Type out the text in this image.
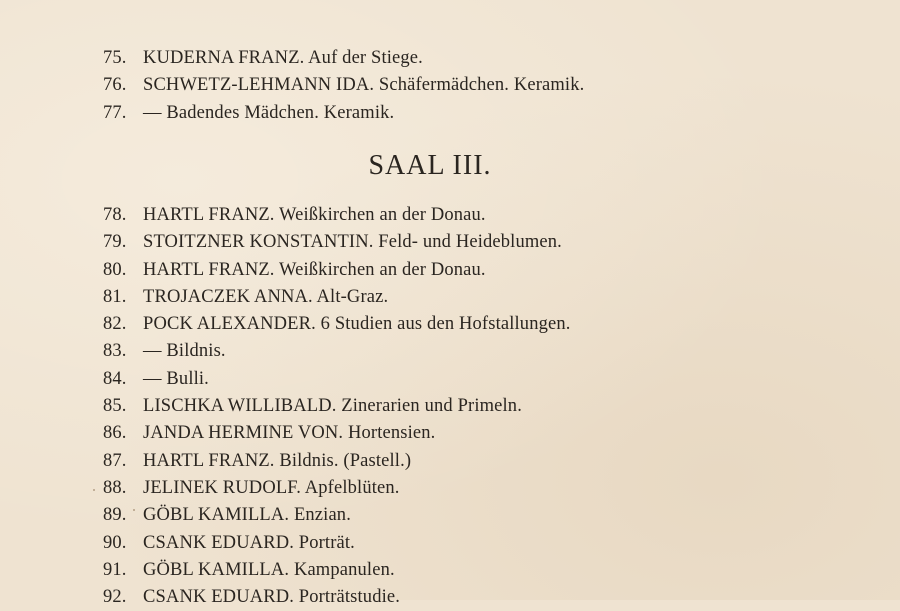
75. KUDERNA FRANZ. Auf der Stiege.
76. SCHWETZ-LEHMANN IDA. Schäfermädchen. Keramik.
77. — Badendes Mädchen. Keramik.
SAAL III.
78. HARTL FRANZ. Weißkirchen an der Donau.
79. STOITZNER KONSTANTIN. Feld- und Heideblumen.
80. HARTL FRANZ. Weißkirchen an der Donau.
81. TROJACZEK ANNA. Alt-Graz.
82. POCK ALEXANDER. 6 Studien aus den Hofstallungen.
83. — Bildnis.
84. — Bulli.
85. LISCHKA WILLIBALD. Zinerarien und Primeln.
86. JANDA HERMINE VON. Hortensien.
87. HARTL FRANZ. Bildnis. (Pastell.)
88. JELINEK RUDOLF. Apfelblüten.
89. GÖBL KAMILLA. Enzian.
90. CSANK EDUARD. Porträt.
91. GÖBL KAMILLA. Kampanulen.
92. CSANK EDUARD. Porträtstudie.
